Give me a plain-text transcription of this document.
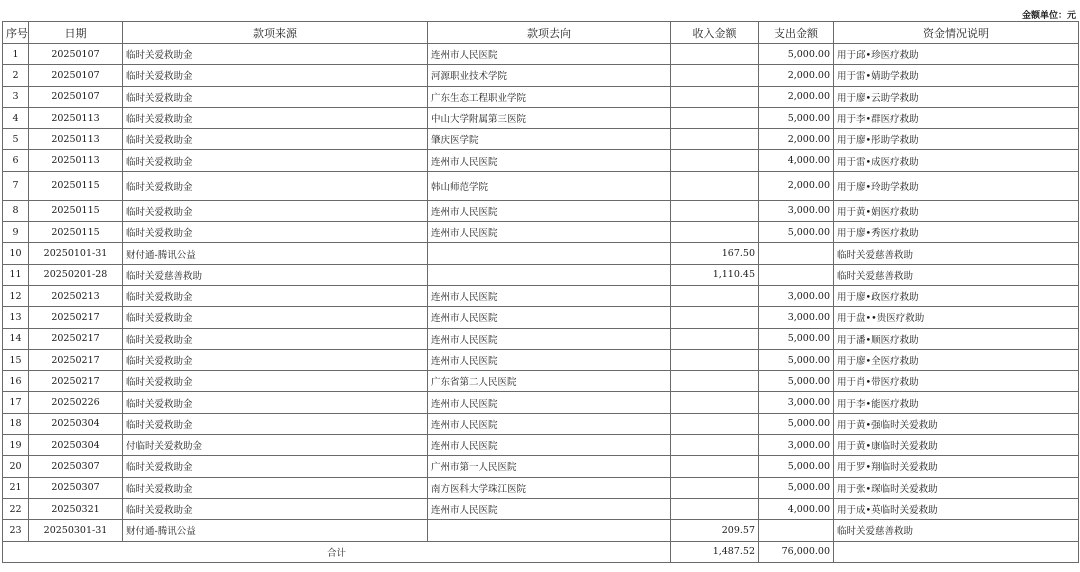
金额单位：元
序号	日期	款项来源	款项去向	收入金额	支出金额	资金情况说明
1	20250107	临时关爱救助金	连州市人民医院		5,000.00	用于邱•珍医疗救助
2	20250107	临时关爱救助金	河源职业技术学院		2,000.00	用于雷•婧助学救助
3	20250107	临时关爱救助金	广东生态工程职业学院		2,000.00	用于廖•云助学救助
4	20250113	临时关爱救助金	中山大学附属第三医院		5,000.00	用于李•群医疗救助
5	20250113	临时关爱救助金	肇庆医学院		2,000.00	用于廖•彤助学救助
6	20250113	临时关爱救助金	连州市人民医院		4,000.00	用于雷•成医疗救助
7	20250115	临时关爱救助金	韩山师范学院		2,000.00	用于廖•玲助学救助
8	20250115	临时关爱救助金	连州市人民医院		3,000.00	用于黄•娟医疗救助
9	20250115	临时关爱救助金	连州市人民医院		5,000.00	用于廖•秀医疗救助
10	20250101-31	财付通-腾讯公益		167.50		临时关爱慈善救助
11	20250201-28	临时关爱慈善救助		1,110.45		临时关爱慈善救助
12	20250213	临时关爱救助金	连州市人民医院		3,000.00	用于廖•政医疗救助
13	20250217	临时关爱救助金	连州市人民医院		3,000.00	用于盘••贵医疗救助
14	20250217	临时关爱救助金	连州市人民医院		5,000.00	用于潘•顺医疗救助
15	20250217	临时关爱救助金	连州市人民医院		5,000.00	用于廖•全医疗救助
16	20250217	临时关爱救助金	广东省第二人民医院		5,000.00	用于肖•带医疗救助
17	20250226	临时关爱救助金	连州市人民医院		3,000.00	用于李•能医疗救助
18	20250304	临时关爱救助金	连州市人民医院		5,000.00	用于黄•强临时关爱救助
19	20250304	付临时关爱救助金	连州市人民医院		3,000.00	用于黄•康临时关爱救助
20	20250307	临时关爱救助金	广州市第一人民医院		5,000.00	用于罗•翔临时关爱救助
21	20250307	临时关爱救助金	南方医科大学珠江医院		5,000.00	用于张•琛临时关爱救助
22	20250321	临时关爱救助金	连州市人民医院		4,000.00	用于成•英临时关爱救助
23	20250301-31	财付通-腾讯公益		209.57		临时关爱慈善救助
合计				1,487.52	76,000.00	
